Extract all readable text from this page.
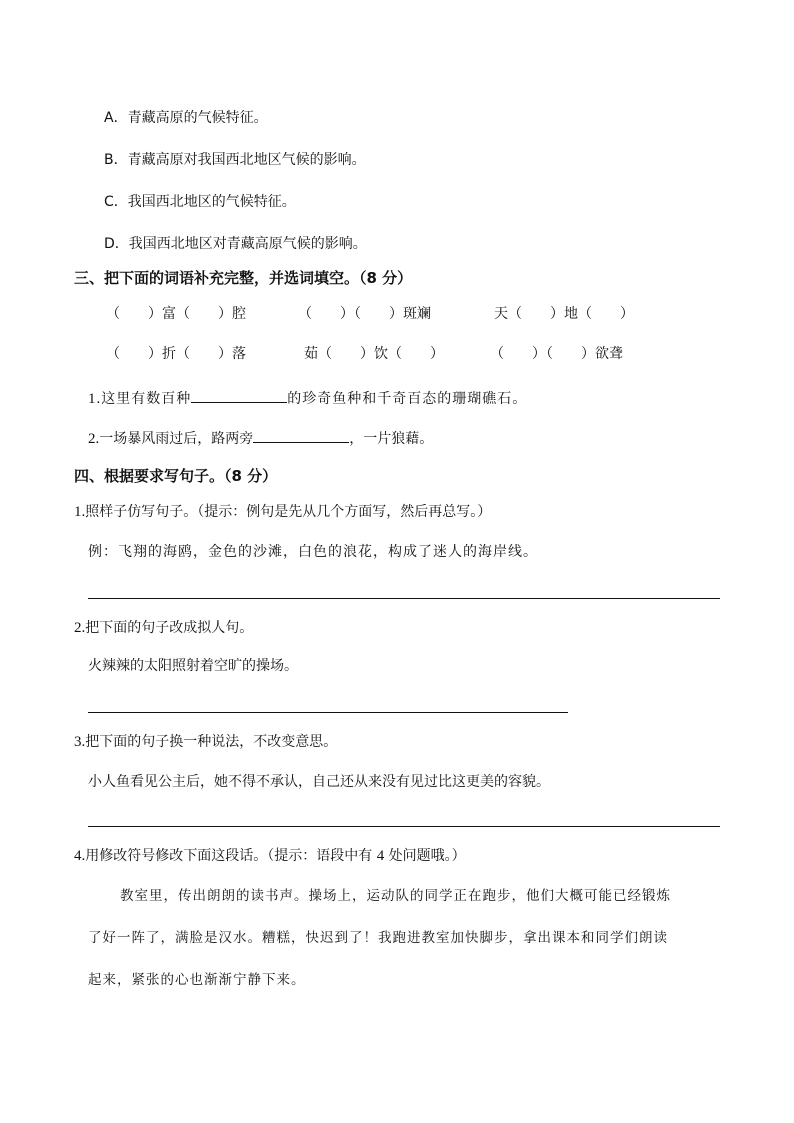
A．青藏高原的气候特征。
B．青藏高原对我国西北地区气候的影响。
C．我国西北地区的气候特征。
D．我国西北地区对青藏高原气候的影响。
三、把下面的词语补充完整，并选词填空。（8 分）
（　　）富（　　）腔	（　　）（　　）斑斓	天（　　）地（　　）
（　　）折（　　）落	茹（　　）饮（　　）	（　　）（　　）欲聋
1.这里有数百种	的珍奇鱼种和千奇百态的珊瑚礁石。
2.一场暴风雨过后，路两旁	，一片狼藉。
四、根据要求写句子。（8 分）
1.照样子仿写句子。（提示：例句是先从几个方面写，然后再总写。）
例：飞翔的海鸥，金色的沙滩，白色的浪花，构成了迷人的海岸线。
2.把下面的句子改成拟人句。
火辣辣的太阳照射着空旷的操场。
3.把下面的句子换一种说法，不改变意思。
小人鱼看见公主后，她不得不承认，自己还从来没有见过比这更美的容貌。
4.用修改符号修改下面这段话。（提示：语段中有 4 处问题哦。）
教室里，传出朗朗的读书声。操场上，运动队的同学正在跑步，他们大概可能已经锻炼
了好一阵了，满脸是汉水。糟糕，快迟到了！我跑进教室加快脚步，拿出课本和同学们朗读
起来，紧张的心也渐渐宁静下来。
